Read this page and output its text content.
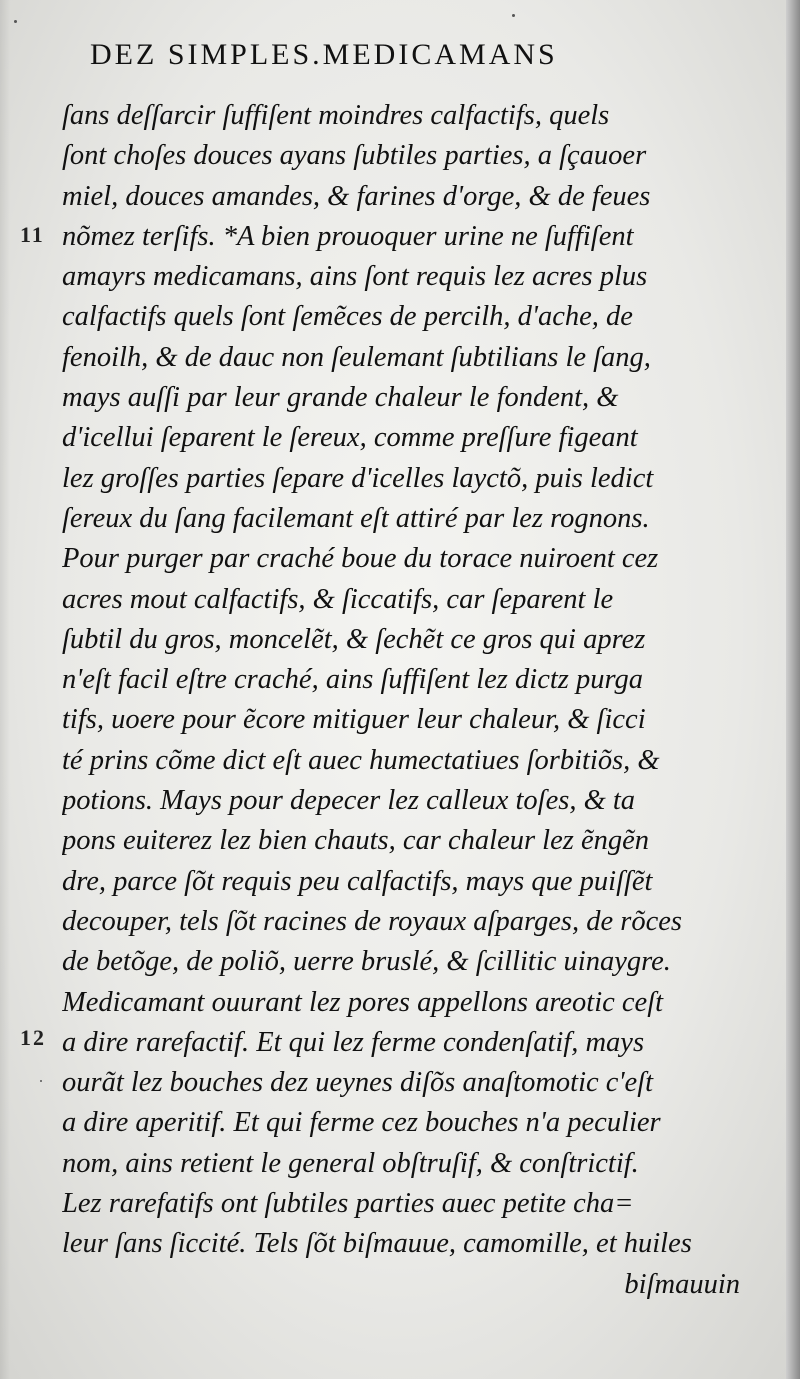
DEZ SIMPLES.MEDICAMANS
11
12
ſans deſſarcir ſuffiſent moindres calfactifs, quels
ſont choſes douces ayans ſubtiles parties, a ſçauoer
miel, douces amandes, & farines d'orge, & de feues
nõmez terſifs. *A bien prouoquer urine ne ſuffiſent
amayrs medicamans, ains ſont requis lez acres plus
calfactifs quels ſont ſemẽces de percilh, d'ache, de
fenoilh, & de dauc non ſeulemant ſubtilians le ſang,
mays auſſi par leur grande chaleur le fondent, &
d'icellui ſeparent le ſereux, comme preſſure figeant
lez groſſes parties ſepare d'icelles layctõ, puis ledict
ſereux du ſang facilemant eſt attiré par lez rognons.
Pour purger par craché boue du torace nuiroent cez
acres mout calfactifs, & ſiccatifs, car ſeparent le
ſubtil du gros, moncelẽt, & ſechẽt ce gros qui aprez
n'eſt facil eſtre craché, ains ſuffiſent lez dictz purga
tifs, uoere pour ẽcore mitiguer leur chaleur, & ſicci
té prins cõme dict eſt auec humectatiues ſorbitiõs, &
potions. Mays pour depecer lez calleux toſes, & ta
pons euiterez lez bien chauts, car chaleur lez ẽngẽn
dre, parce ſõt requis peu calfactifs, mays que puiſſẽt
decouper, tels ſõt racines de royaux aſparges, de rõces
de betõge, de poliõ, uerre bruslé, & ſcillitic uinaygre.
Medicamant ouurant lez pores appellons areotic ceſt
a dire rarefactif. Et qui lez ferme condenſatif, mays
ourãt lez bouches dez ueynes diſõs anaſtomotic c'eſt
a dire aperitif. Et qui ferme cez bouches n'a peculier
nom, ains retient le general obſtruſif, & conſtrictif.
Lez rarefatifs ont ſubtiles parties auec petite cha=
leur ſans ſiccité. Tels ſõt biſmauue, camomille, et huiles
biſmauuin
